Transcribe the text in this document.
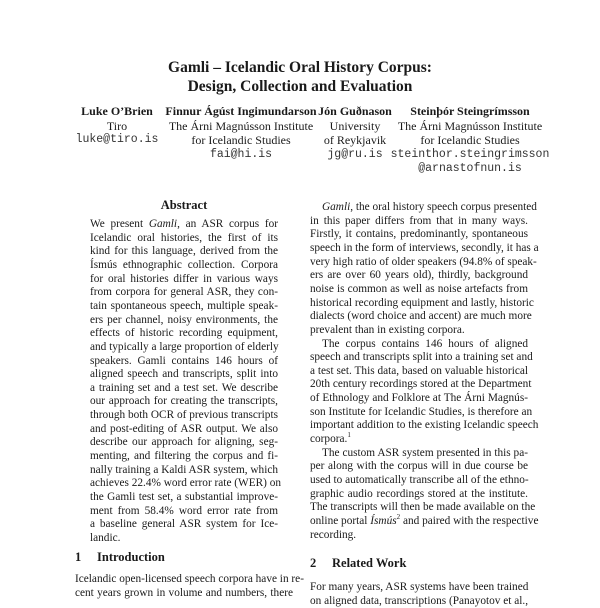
Gamli – Icelandic Oral History Corpus:
Design, Collection and Evaluation
Luke O’Brien
Tiro
luke@tiro.is
Finnur Ágúst Ingimundarson
The Árni Magnússon Institute
for Icelandic Studies
fai@hi.is
Jón Guðnason
University
of Reykjavik
jg@ru.is
Steinþór Steingrímsson
The Árni Magnússon Institute
for Icelandic Studies
steinthor.steingrimsson
@arnastofnun.is
Abstract
We present Gamli, an ASR corpus for
Icelandic oral histories, the first of its
kind for this language, derived from the
Ísmús ethnographic collection. Corpora
for oral histories differ in various ways
from corpora for general ASR, they con-
tain spontaneous speech, multiple speak-
ers per channel, noisy environments, the
effects of historic recording equipment,
and typically a large proportion of elderly
speakers. Gamli contains 146 hours of
aligned speech and transcripts, split into
a training set and a test set. We describe
our approach for creating the transcripts,
through both OCR of previous transcripts
and post-editing of ASR output. We also
describe our approach for aligning, seg-
menting, and filtering the corpus and fi-
nally training a Kaldi ASR system, which
achieves 22.4% word error rate (WER) on
the Gamli test set, a substantial improve-
ment from 58.4% word error rate from
a baseline general ASR system for Ice-
landic.
1 Introduction
Icelandic open-licensed speech corpora have in re-
cent years grown in volume and numbers, there
Gamli, the oral history speech corpus presented
in this paper differs from that in many ways.
Firstly, it contains, predominantly, spontaneous
speech in the form of interviews, secondly, it has a
very high ratio of older speakers (94.8% of speak-
ers are over 60 years old), thirdly, background
noise is common as well as noise artefacts from
historical recording equipment and lastly, historic
dialects (word choice and accent) are much more
prevalent than in existing corpora.
The corpus contains 146 hours of aligned
speech and transcripts split into a training set and
a test set. This data, based on valuable historical
20th century recordings stored at the Department
of Ethnology and Folklore at The Árni Magnús-
son Institute for Icelandic Studies, is therefore an
important addition to the existing Icelandic speech
corpora.$^1$
The custom ASR system presented in this pa-
per along with the corpus will in due course be
used to automatically transcribe all of the ethno-
graphic audio recordings stored at the institute.
The transcripts will then be made available on the
online portal Ísmús$^2$ and paired with the respective
recording.
2 Related Work
For many years, ASR systems have been trained
on aligned data, transcriptions (Panayotov et al.,
